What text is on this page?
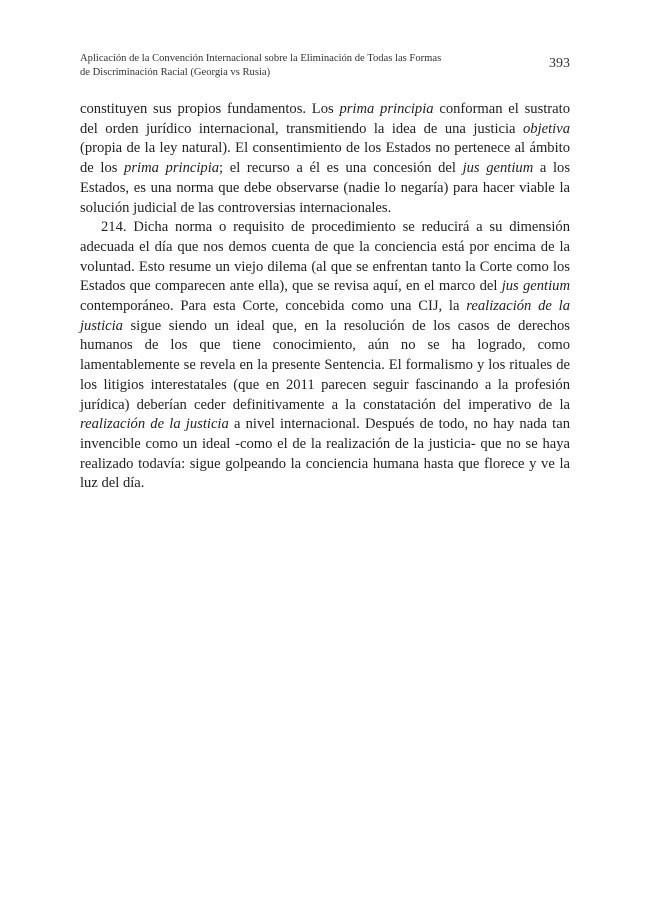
Aplicación de la Convención Internacional sobre la Eliminación de Todas las Formas
de Discriminación Racial (Georgia vs Rusia)
393

constituyen sus propios fundamentos. Los prima principia conforman el sustrato del orden jurídico internacional, transmitiendo la idea de una justicia objetiva (propia de la ley natural). El consentimiento de los Estados no pertenece al ámbito de los prima principia; el recurso a él es una concesión del jus gentium a los Estados, es una norma que debe observarse (nadie lo negaría) para hacer viable la solución judicial de las controversias internacionales.

214. Dicha norma o requisito de procedimiento se reducirá a su dimensión adecuada el día que nos demos cuenta de que la conciencia está por encima de la voluntad. Esto resume un viejo dilema (al que se enfrentan tanto la Corte como los Estados que comparecen ante ella), que se revisa aquí, en el marco del jus gentium contemporáneo. Para esta Corte, concebida como una CIJ, la realización de la justicia sigue siendo un ideal que, en la resolución de los casos de derechos humanos de los que tiene conocimiento, aún no se ha logrado, como lamentablemente se revela en la presente Sentencia. El formalismo y los rituales de los litigios interestatales (que en 2011 parecen seguir fascinando a la profesión jurídica) deberían ceder definitivamente a la constatación del imperativo de la realización de la justicia a nivel internacional. Después de todo, no hay nada tan invencible como un ideal -como el de la realización de la justicia- que no se haya realizado todavía: sigue golpeando la conciencia humana hasta que florece y ve la luz del día.
